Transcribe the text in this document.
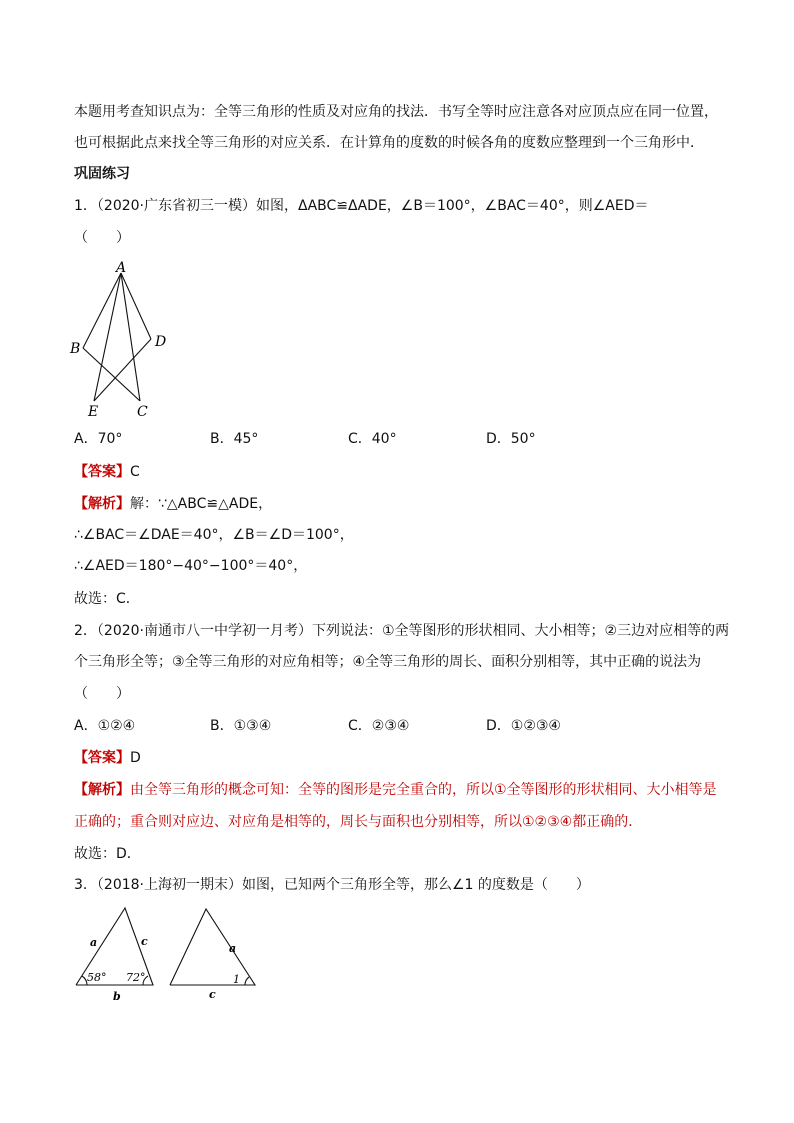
本题用考查知识点为：全等三角形的性质及对应角的找法．书写全等时应注意各对应顶点应在同一位置，
也可根据此点来找全等三角形的对应关系．在计算角的度数的时候各角的度数应整理到一个三角形中．
巩固练习
1．（2020·广东省初三一模）如图，ΔABC≌ΔADE，∠B＝100°，∠BAC＝40°，则∠AED＝
（　　）
A
B	D
E	C
A．70°	B．45°	C．40°	D．50°
【答案】C
【解析】解：∵△ABC≌△ADE，
∴∠BAC＝∠DAE＝40°，∠B＝∠D＝100°，
∴∠AED＝180°−40°−100°＝40°，
故选：C．
2．（2020·南通市八一中学初一月考）下列说法：①全等图形的形状相同、大小相等；②三边对应相等的两
个三角形全等；③全等三角形的对应角相等；④全等三角形的周长、面积分别相等，其中正确的说法为
（　　）
A．①②④	B．①③④	C．②③④	D．①②③④
【答案】D
【解析】由全等三角形的概念可知：全等的图形是完全重合的，所以①全等图形的形状相同、大小相等是
正确的；重合则对应边、对应角是相等的，周长与面积也分别相等，所以①②③④都正确的．
故选：D．
3．（2018·上海初一期末）如图，已知两个三角形全等，那么∠1 的度数是（　　）
a	c
b
58° 72°
a
c
1
